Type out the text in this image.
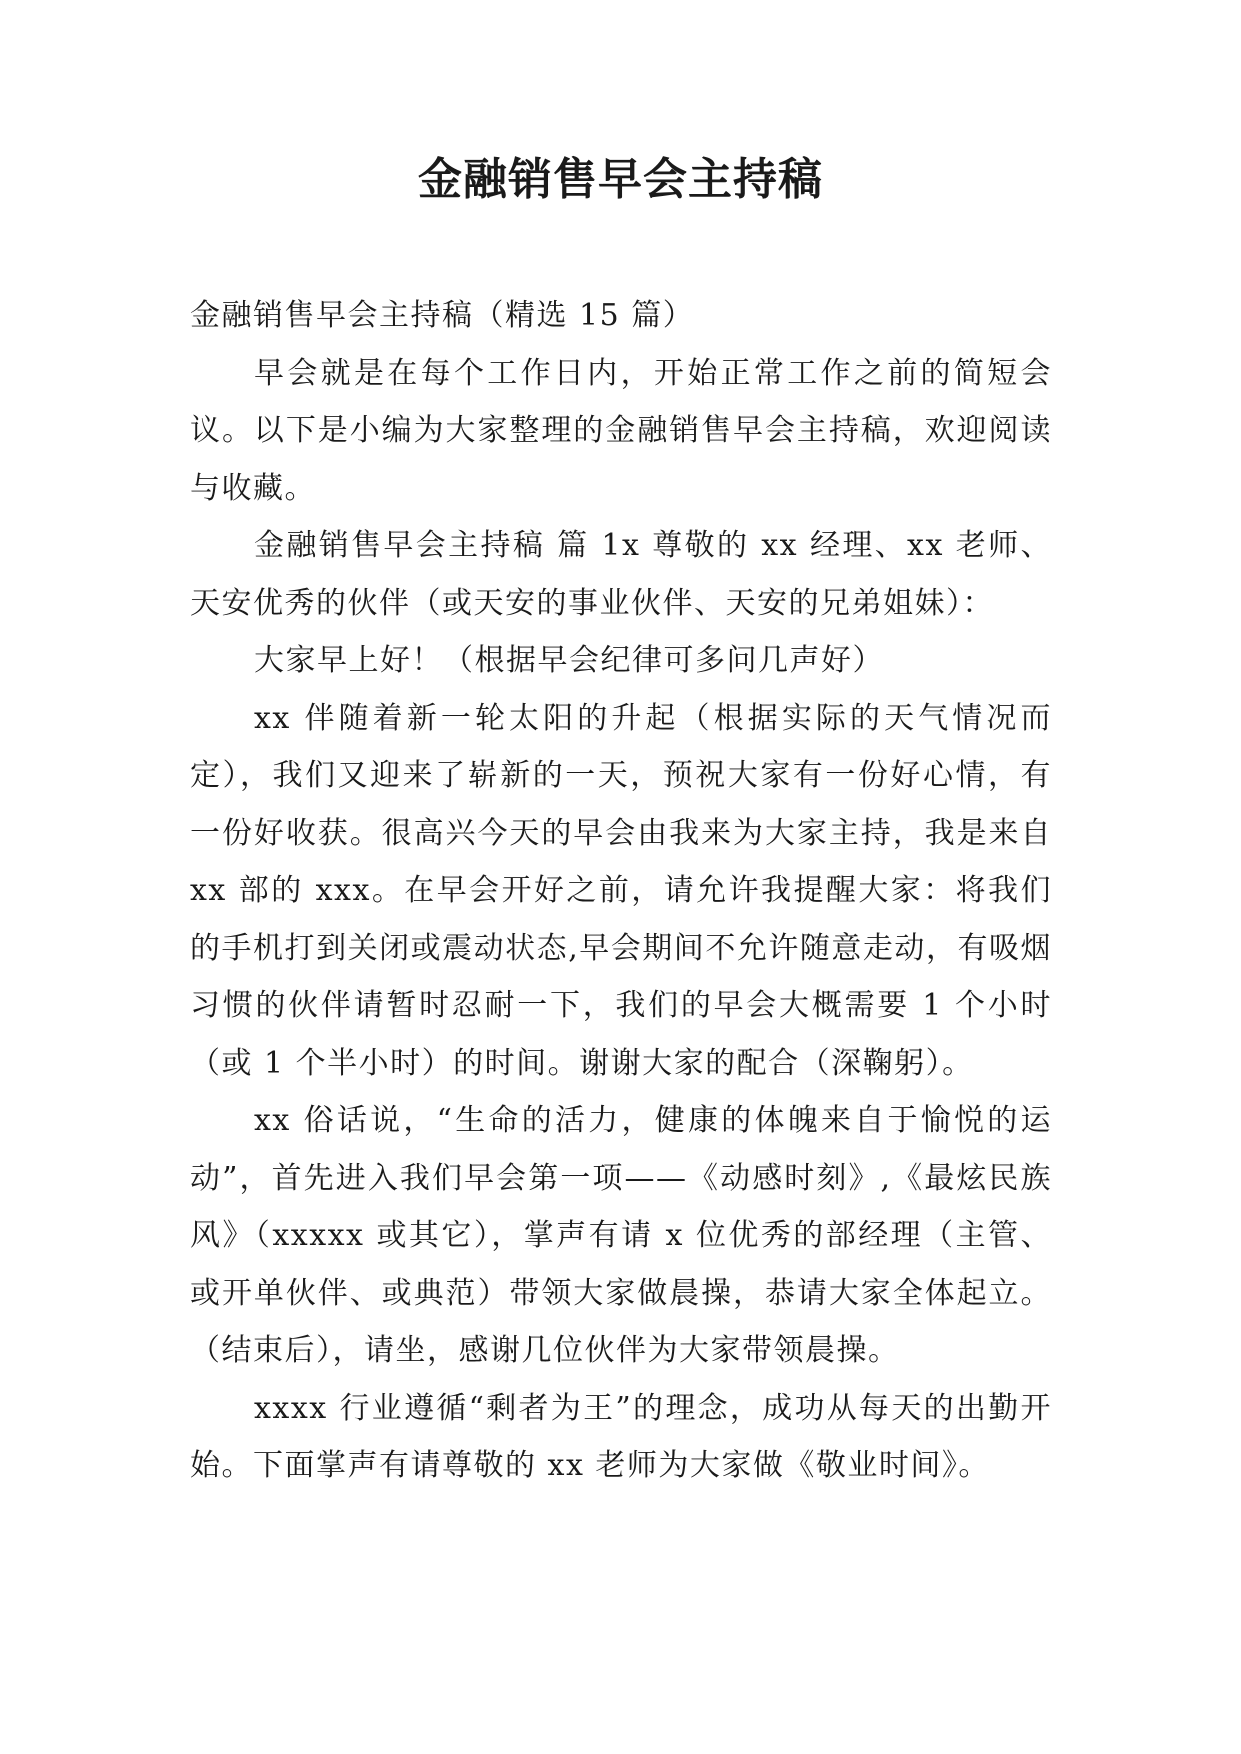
金融销售早会主持稿

金融销售早会主持稿（精选 15 篇）

早会就是在每个工作日内，开始正常工作之前的简短会议。以下是小编为大家整理的金融销售早会主持稿，欢迎阅读与收藏。

金融销售早会主持稿 篇 1x 尊敬的 xx 经理、xx 老师、天安优秀的伙伴（或天安的事业伙伴、天安的兄弟姐妹）：

大家早上好！（根据早会纪律可多问几声好）

xx 伴随着新一轮太阳的升起（根据实际的天气情况而定），我们又迎来了崭新的一天，预祝大家有一份好心情，有一份好收获。很高兴今天的早会由我来为大家主持，我是来自 xx 部的 xxx。在早会开好之前，请允许我提醒大家：将我们的手机打到关闭或震动状态,早会期间不允许随意走动，有吸烟习惯的伙伴请暂时忍耐一下，我们的早会大概需要 1 个小时（或 1 个半小时）的时间。谢谢大家的配合（深鞠躬）。

xx 俗话说，“生命的活力，健康的体魄来自于愉悦的运动”，首先进入我们早会第一项——《动感时刻》,《最炫民族风》（xxxxx 或其它），掌声有请 x 位优秀的部经理（主管、或开单伙伴、或典范）带领大家做晨操，恭请大家全体起立。（结束后），请坐，感谢几位伙伴为大家带领晨操。

xxxx 行业遵循“剩者为王”的理念，成功从每天的出勤开始。下面掌声有请尊敬的 xx 老师为大家做《敬业时间》。
